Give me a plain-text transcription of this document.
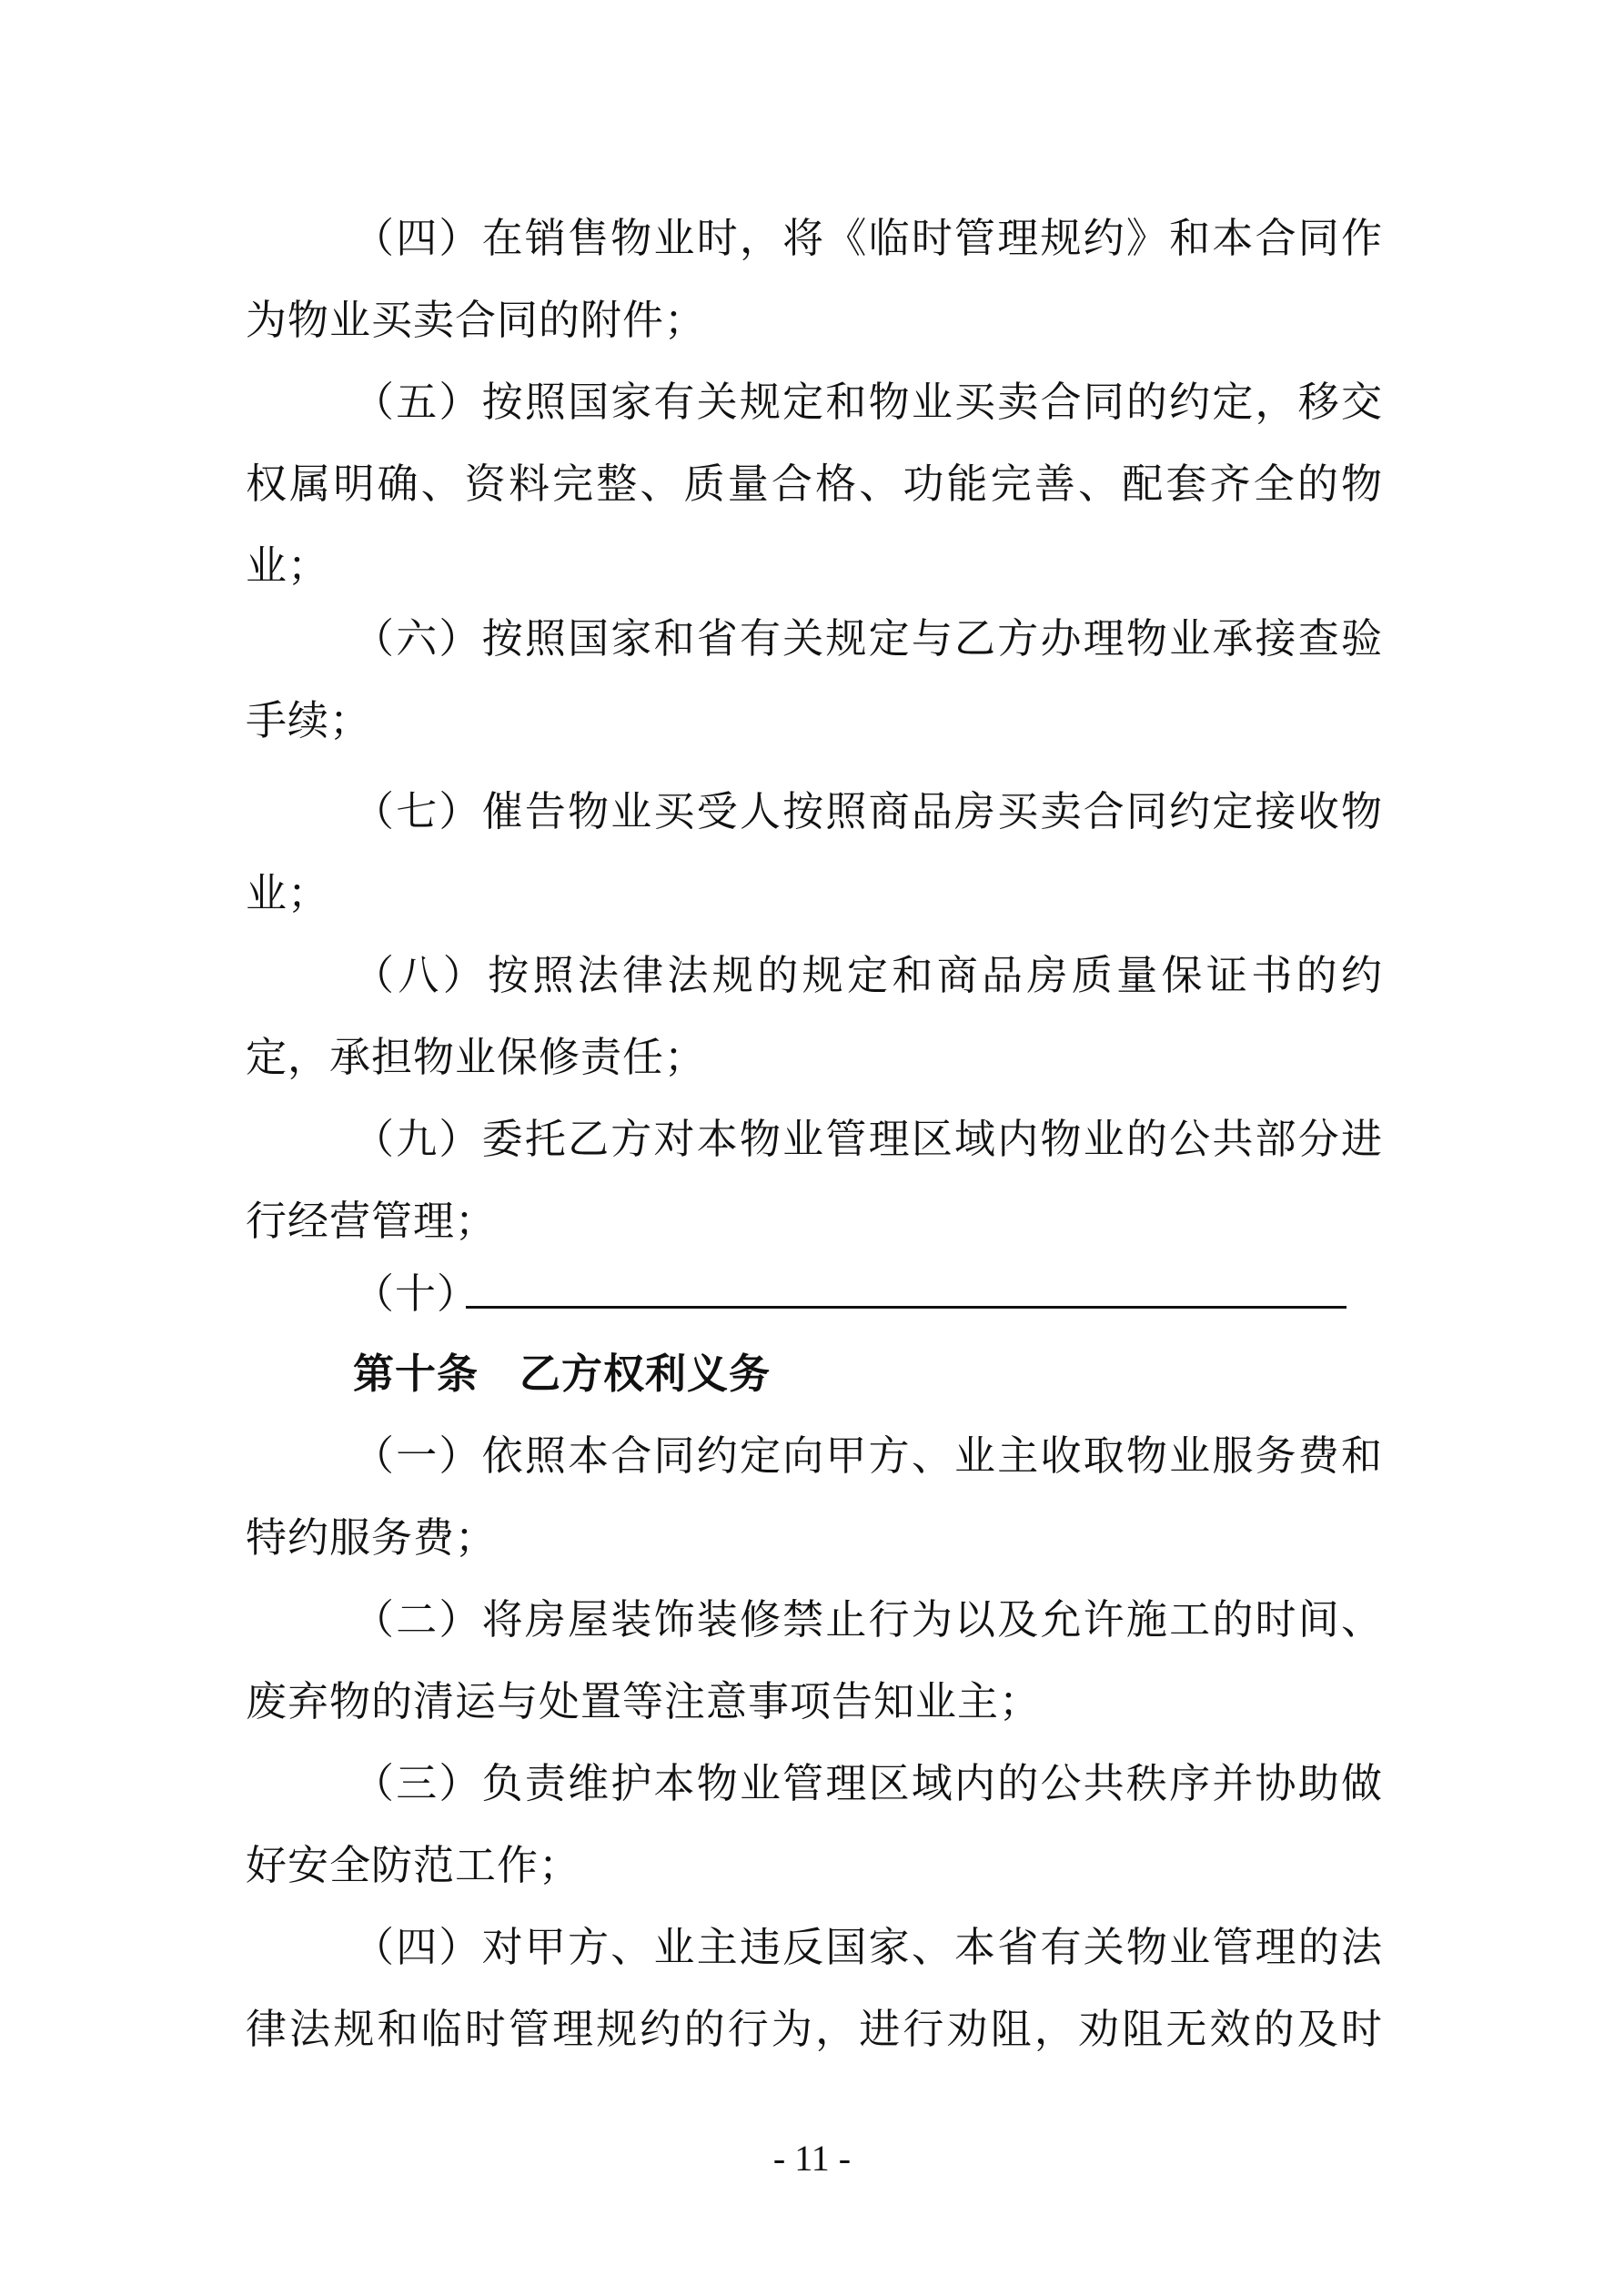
（四）在销售物业时，将《临时管理规约》和本合同作
为物业买卖合同的附件；
（五）按照国家有关规定和物业买卖合同的约定，移交
权属明确、资料完整、质量合格、功能完善、配套齐全的物
业；
（六）按照国家和省有关规定与乙方办理物业承接查验
手续；
（七）催告物业买受人按照商品房买卖合同约定接收物
业；
（八）按照法律法规的规定和商品房质量保证书的约
定，承担物业保修责任；
（九）委托乙方对本物业管理区域内物业的公共部分进
行经营管理；
（十）
第十条 乙方权利义务
（一）依照本合同约定向甲方、业主收取物业服务费和
特约服务费；
（二）将房屋装饰装修禁止行为以及允许施工的时间、
废弃物的清运与处置等注意事项告知业主；
（三）负责维护本物业管理区域内的公共秩序并协助做
好安全防范工作；
（四）对甲方、业主违反国家、本省有关物业管理的法
律法规和临时管理规约的行为，进行劝阻，劝阻无效的及时
- 11 -
